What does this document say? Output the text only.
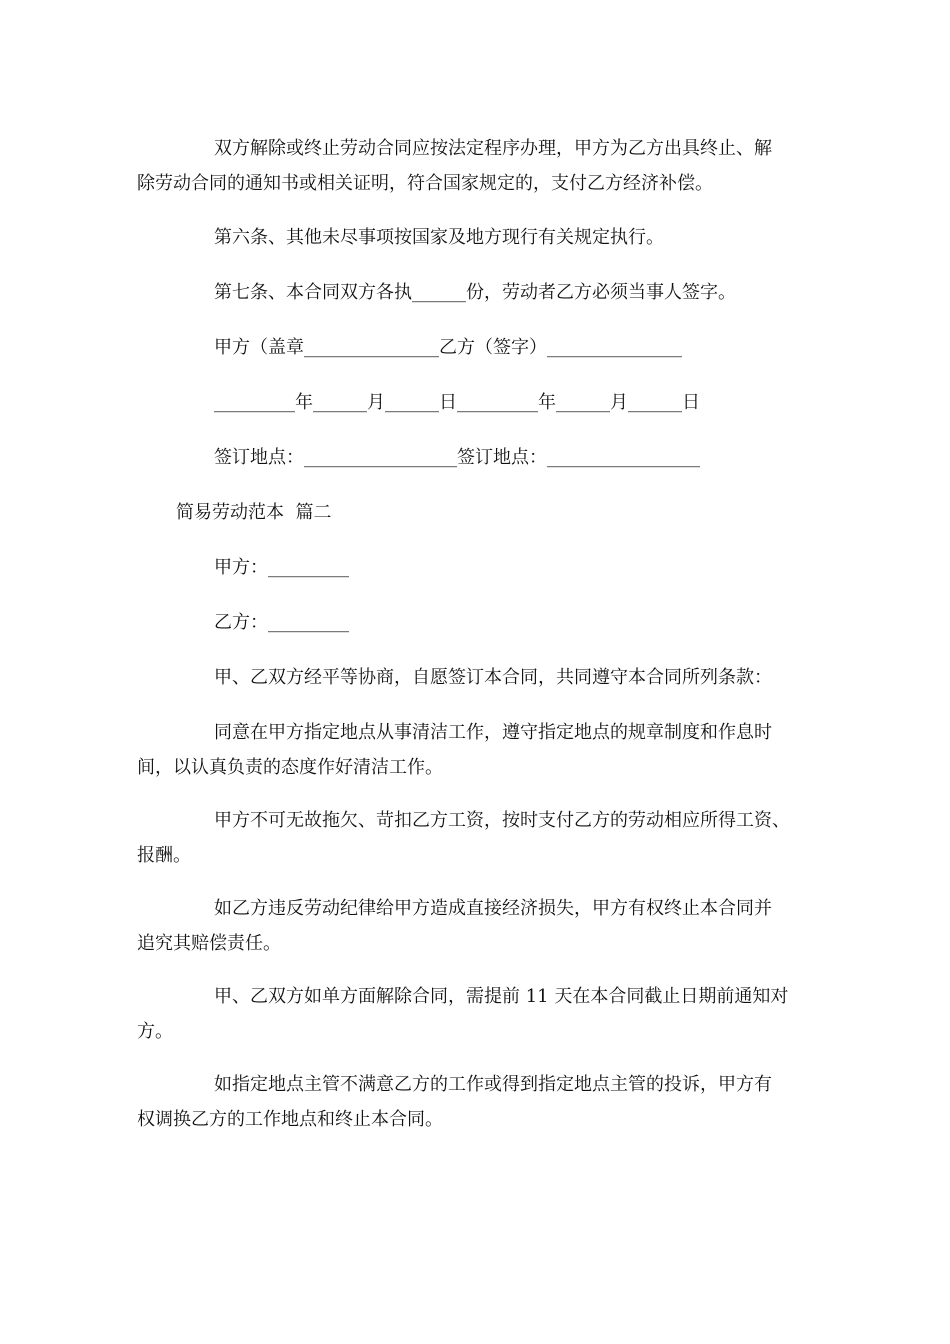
双方解除或终止劳动合同应按法定程序办理，甲方为乙方出具终止、解

除劳动合同的通知书或相关证明，符合国家规定的，支付乙方经济补偿。

第六条、其他未尽事项按国家及地方现行有关规定执行。

第七条、本合同双方各执______份，劳动者乙方必须当事人签字。

甲方（盖章_______________乙方（签字）_______________

_________年______月______日_________年______月______日

签订地点：_________________签订地点：_________________

简易劳动范本  篇二

甲方：_________

乙方：_________

甲、乙双方经平等协商，自愿签订本合同，共同遵守本合同所列条款：

同意在甲方指定地点从事清洁工作，遵守指定地点的规章制度和作息时

间，以认真负责的态度作好清洁工作。

甲方不可无故拖欠、苛扣乙方工资，按时支付乙方的劳动相应所得工资、

报酬。

如乙方违反劳动纪律给甲方造成直接经济损失，甲方有权终止本合同并

追究其赔偿责任。

甲、乙双方如单方面解除合同，需提前 11 天在本合同截止日期前通知对

方。

如指定地点主管不满意乙方的工作或得到指定地点主管的投诉，甲方有

权调换乙方的工作地点和终止本合同。
